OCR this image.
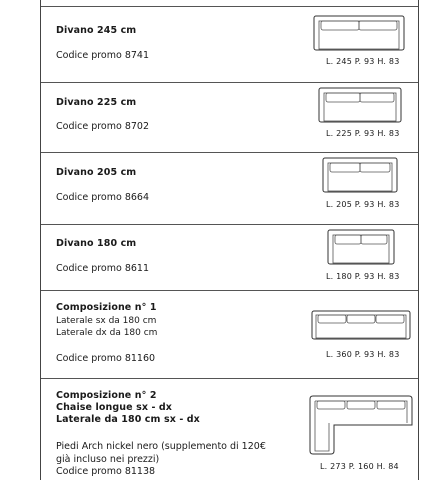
Divano 245 cm
Codice promo 8741
L. 245 P. 93 H. 83
Divano 225 cm
Codice promo 8702
L. 225 P. 93 H. 83
Divano 205 cm
Codice promo 8664
L. 205 P. 93 H. 83
Divano 180 cm
Codice promo 8611
L. 180 P. 93 H. 83
Composizione n° 1
Laterale sx da 180 cm
Laterale dx da 180 cm
Codice promo 81160	L. 360 P. 93 H. 83
Composizione n° 2
Chaise longue sx - dx
Laterale da 180 cm sx - dx
Piedi Arch nickel nero (supplemento di 120€
già incluso nei prezzi)
Codice promo 81138	L. 273 P. 160 H. 84
